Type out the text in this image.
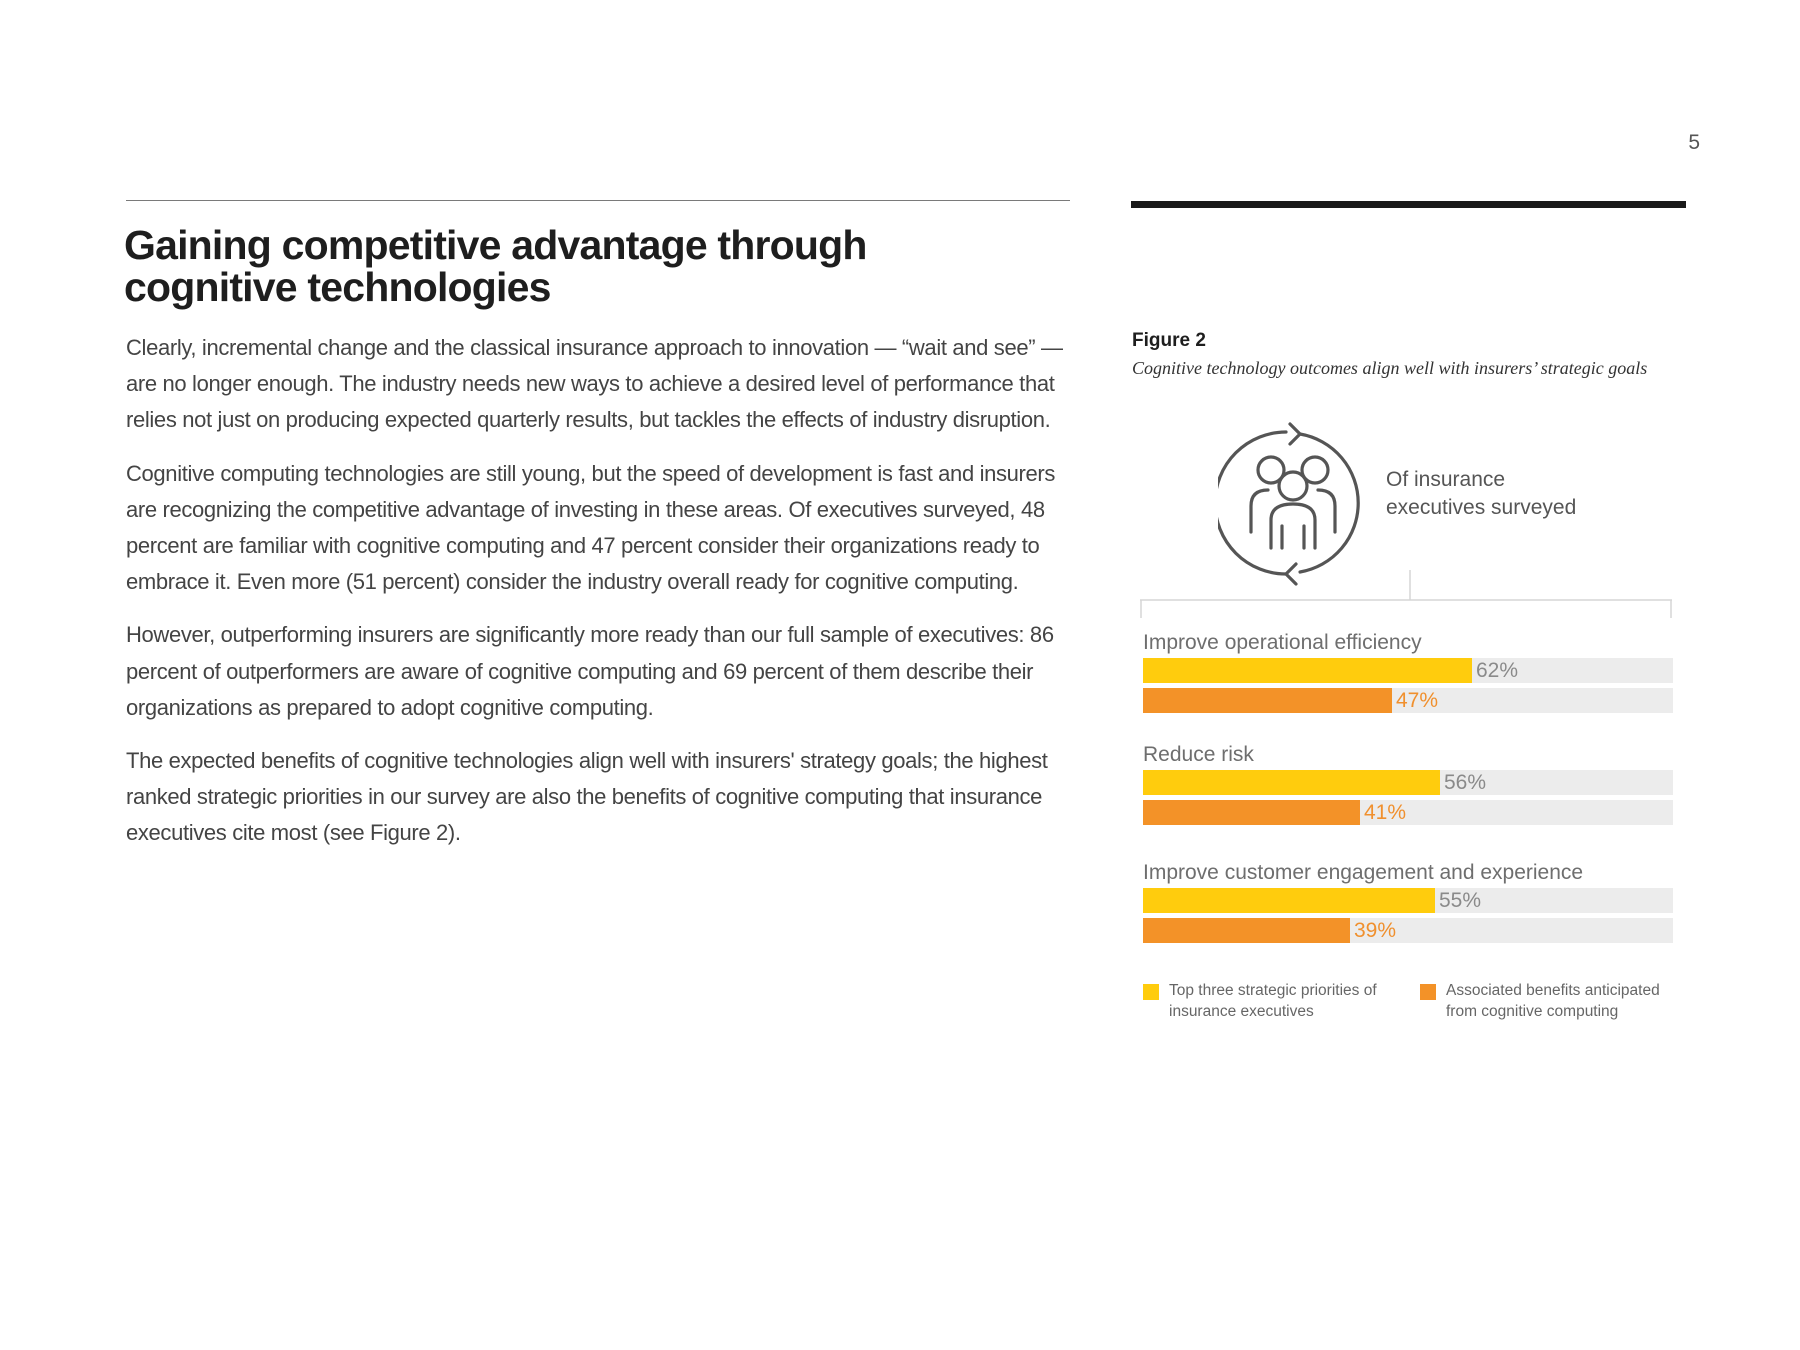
5
Gaining competitive advantage through
cognitive technologies

Clearly, incremental change and the classical insurance approach to innovation — “wait and see” —are no longer enough. The industry needs new ways to achieve a desired level of performance that relies not just on producing expected quarterly results, but tackles the effects of industry disruption.

Cognitive computing technologies are still young, but the speed of development is fast and insurers are recognizing the competitive advantage of investing in these areas. Of executives surveyed, 48 percent are familiar with cognitive computing and 47 percent consider their organizations ready to embrace it. Even more (51 percent) consider the industry overall ready for cognitive computing.

However, outperforming insurers are significantly more ready than our full sample of executives: 86 percent of outperformers are aware of cognitive computing and 69 percent of them describe their organizations as prepared to adopt cognitive computing.

The expected benefits of cognitive technologies align well with insurers' strategy goals; the highest ranked strategic priorities in our survey are also the benefits of cognitive computing that insurance executives cite most (see Figure 2).

Figure 2
Cognitive technology outcomes align well with insurers’ strategic goals
Of insurance
executives surveyed
Improve operational efficiency
62%
47%
Reduce risk
56%
41%
Improve customer engagement and experience
55%
39%
Top three strategic priorities of insurance executives
Associated benefits anticipated from cognitive computing
